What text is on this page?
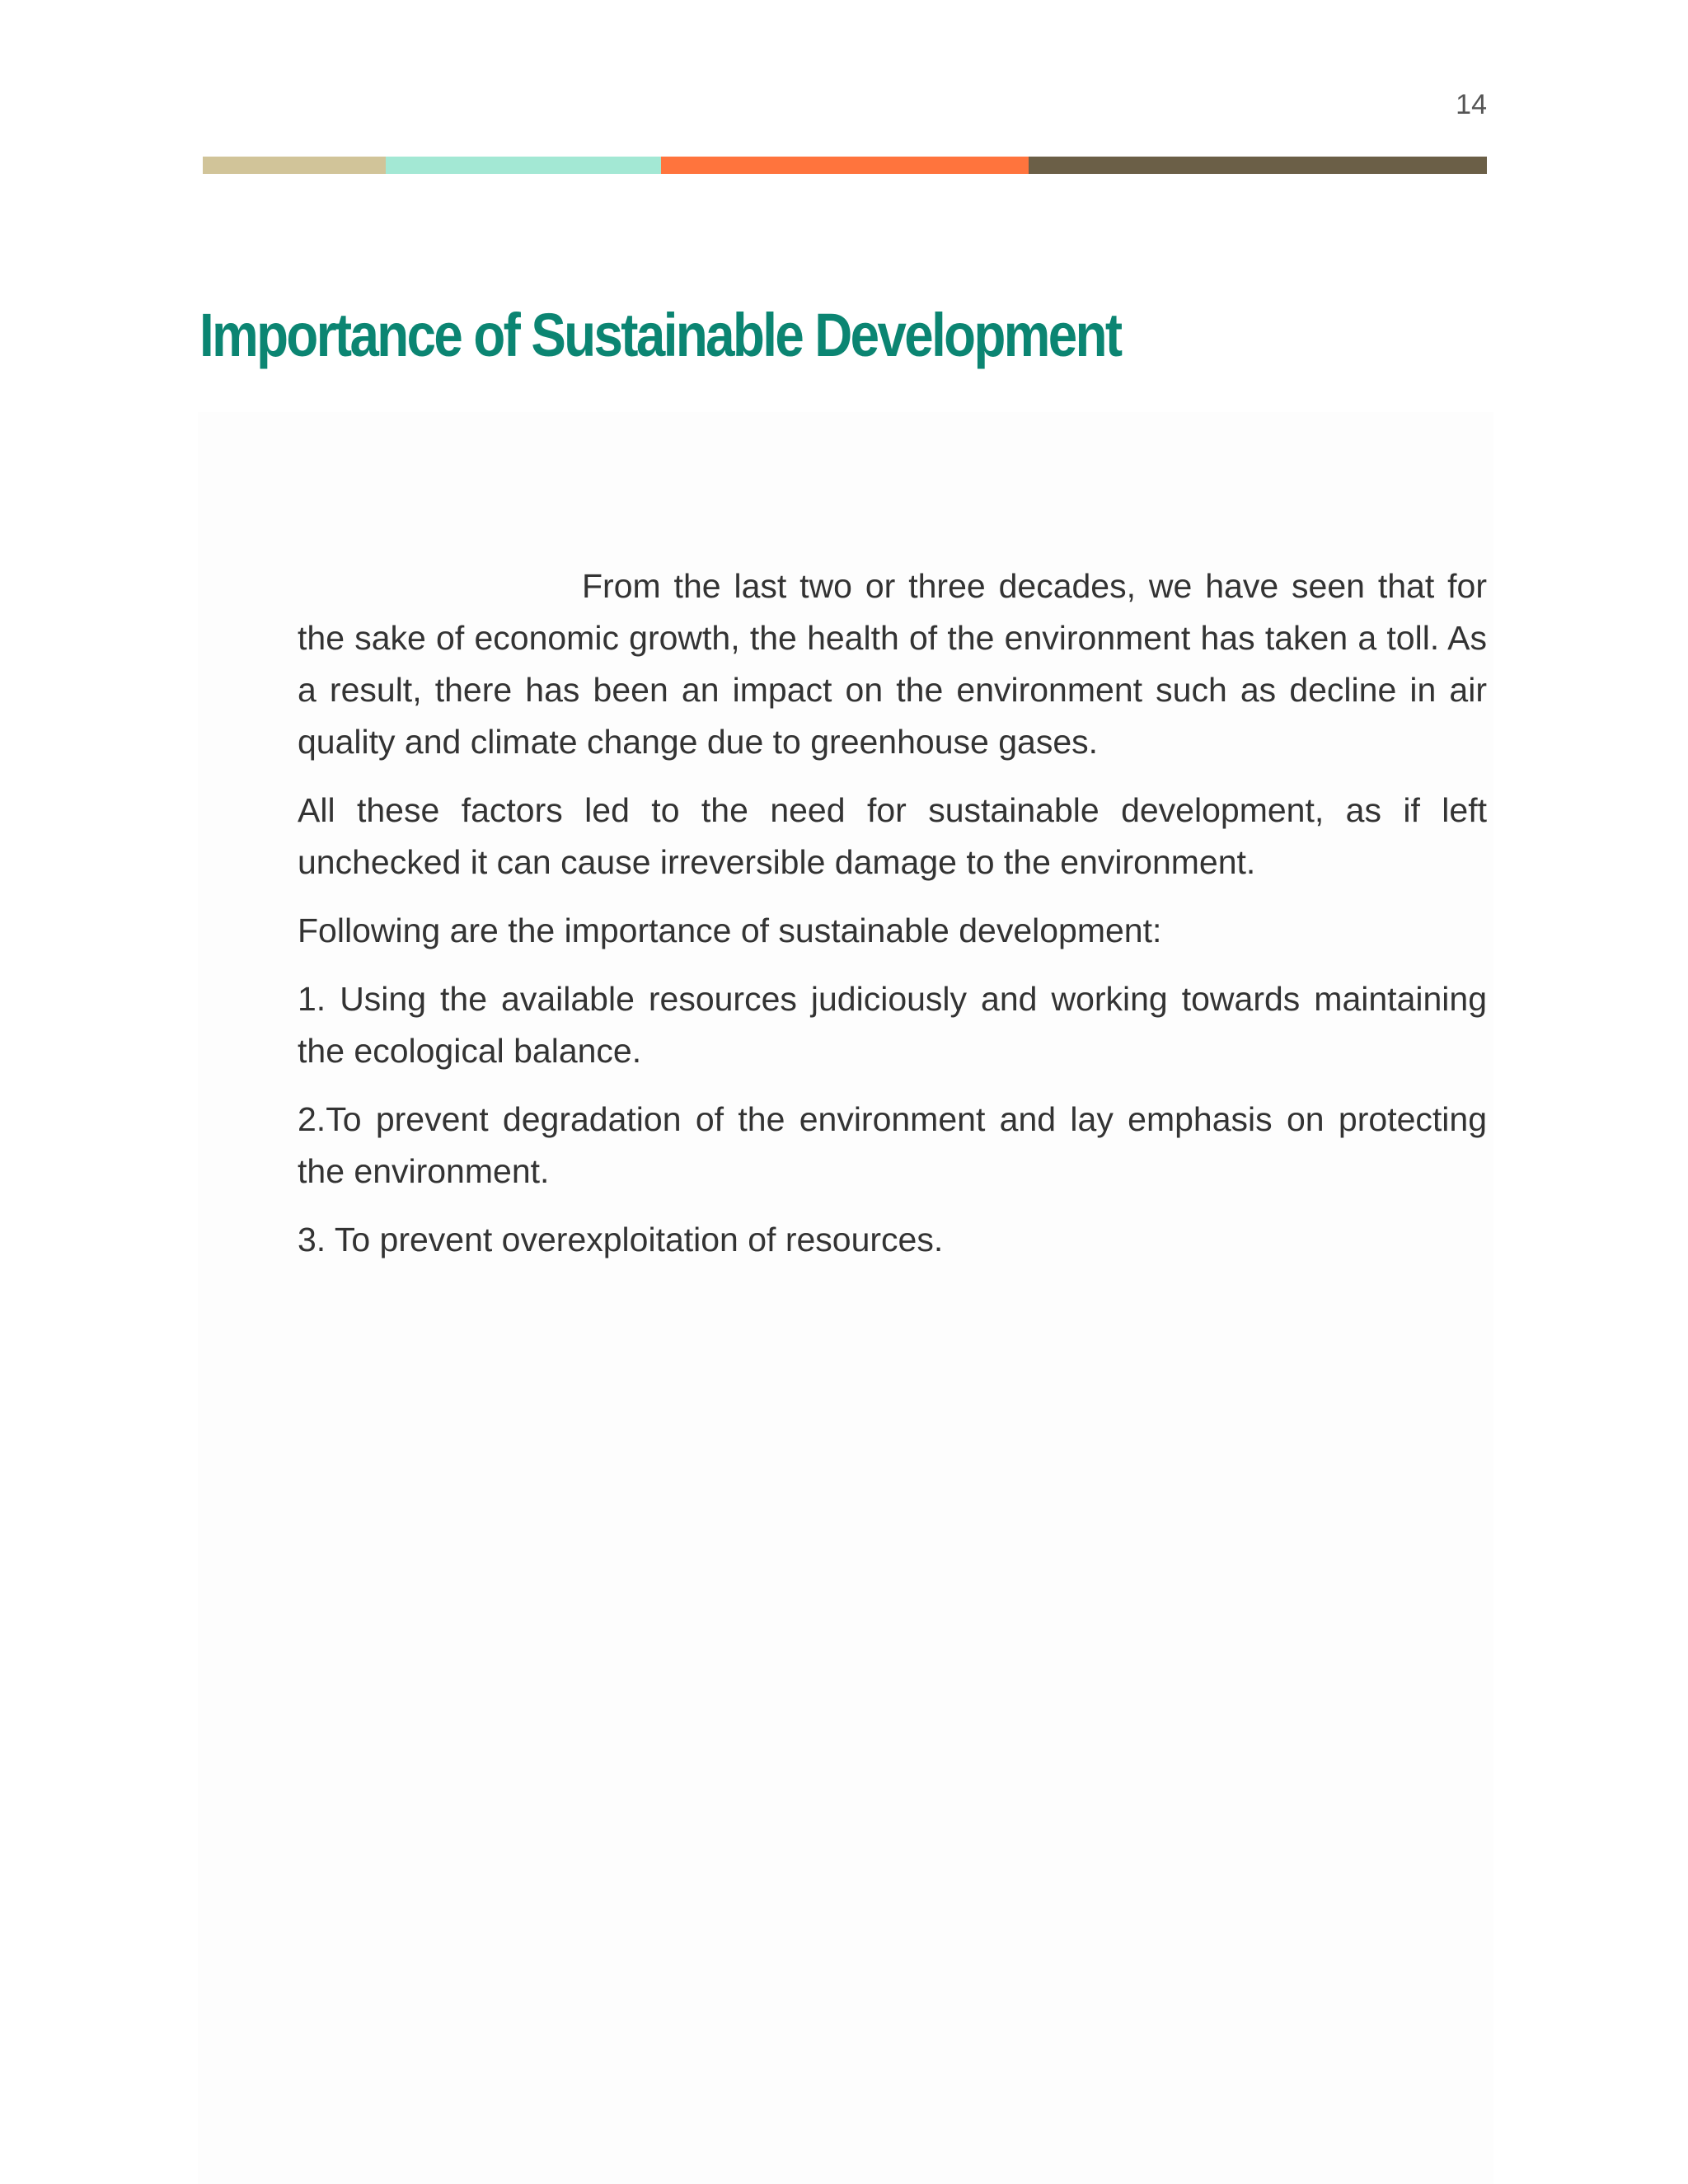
14

Importance of Sustainable Development

From the last two or three decades, we have seen that for the sake of economic growth, the health of the environment has taken a toll. As a result, there has been an impact on the environment such as decline in air quality and climate change due to greenhouse gases.

All these factors led to the need for sustainable development, as if left unchecked it can cause irreversible damage to the environment.

Following are the importance of sustainable development:

1. Using the available resources judiciously and working towards maintaining the ecological balance.

2.To prevent degradation of the environment and lay emphasis on protecting the environment.

3. To prevent overexploitation of resources.
